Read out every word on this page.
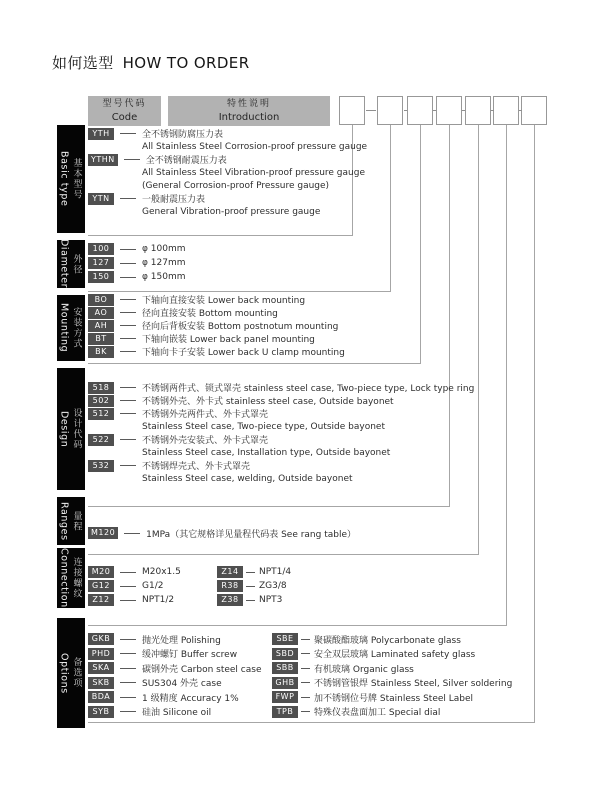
如何选型 HOW TO ORDER
型号代码
Code
特性说明
Introduction
Basic type 基本型号
YTH	全不锈钢防腐压力表
All Stainless Steel Corrosion-proof pressure gauge
YTHN	全不锈钢耐震压力表
All Stainless Steel Vibration-proof pressure gauge
(General Corrosion-proof Pressure gauge)
YTN	一般耐震压力表
General Vibration-proof pressure gauge
Diameter 外径
100	φ 100mm
127	φ 127mm
150	φ 150mm
Mounting 安装方式
BO	下轴向直接安装 Lower back mounting
AO	径向直接安装 Bottom mounting
AH	径向后背板安装 Bottom postnotum mounting
BT	下轴向嵌装 Lower back panel mounting
BK	下轴向卡子安装 Lower back U clamp mounting
Design 设计代码
518	不锈钢两件式、锁式罩壳 stainless steel case, Two-piece type, Lock type ring
502	不锈钢外壳、外卡式 stainless steel case, Outside bayonet
512	不锈钢外壳两件式、外卡式罩壳
Stainless Steel case, Two-piece type, Outside bayonet
522	不锈钢外壳安装式、外卡式罩壳
Stainless Steel case, Installation type, Outside bayonet
532	不锈钢焊壳式、外卡式罩壳
Stainless Steel case, welding, Outside bayonet
Ranges 量程
M120	1MPa（其它规格详见量程代码表 See rang table）
Connection 连接螺纹	M20	M20x1.5
G12	G1/2
Z12	NPT1/2
Z14	NPT1/4
R38	ZG3/8
Z38	NPT3
Options 备选项
GKB	抛光处理 Polishing
PHD	缓冲螺钉 Buffer screw
SKA	碳钢外壳 Carbon steel case
SKB	SUS304 外壳 case
BDA	1 级精度 Accuracy 1%
SYB	硅油 Silicone oil
SBE	聚碳酸酯玻璃 Polycarbonate glass
SBD	安全双层玻璃 Laminated safety glass
SBB	有机玻璃 Organic glass
GHB	不锈钢管银焊 Stainless Steel, Silver soldering
FWP	加不锈钢位号牌 Stainless Steel Label
TPB	特殊仪表盘面加工 Special dial
